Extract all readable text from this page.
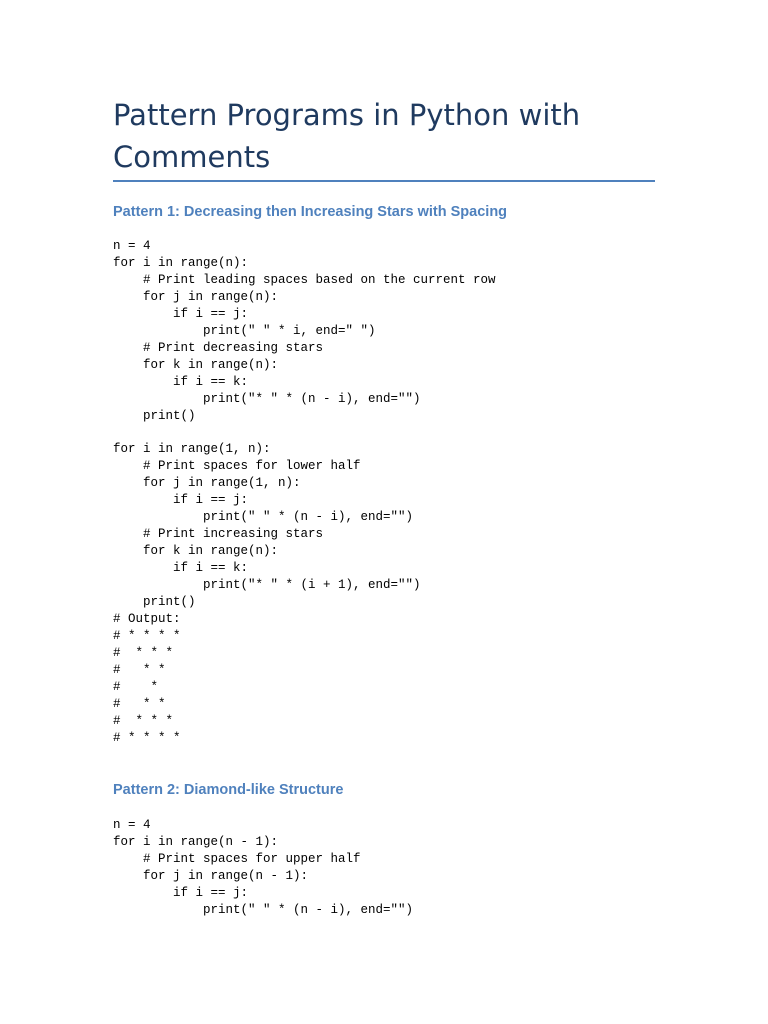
Pattern Programs in Python with Comments
Pattern 1: Decreasing then Increasing Stars with Spacing
n = 4
for i in range(n):
# Print leading spaces based on the current row
for j in range(n):
if i == j:
print(" " * i, end=" ")
# Print decreasing stars
for k in range(n):
if i == k:
print("* " * (n - i), end="")
print()
for i in range(1, n):
# Print spaces for lower half
for j in range(1, n):
if i == j:
print(" " * (n - i), end="")
# Print increasing stars
for k in range(n):
if i == k:
print("* " * (i + 1), end="")
print()
# Output:
# * * * *
#  * * *
#   * *
#    *
#   * *
#  * * *
# * * * *
Pattern 2: Diamond-like Structure
n = 4
for i in range(n - 1):
# Print spaces for upper half
for j in range(n - 1):
if i == j:
print(" " * (n - i), end="")
